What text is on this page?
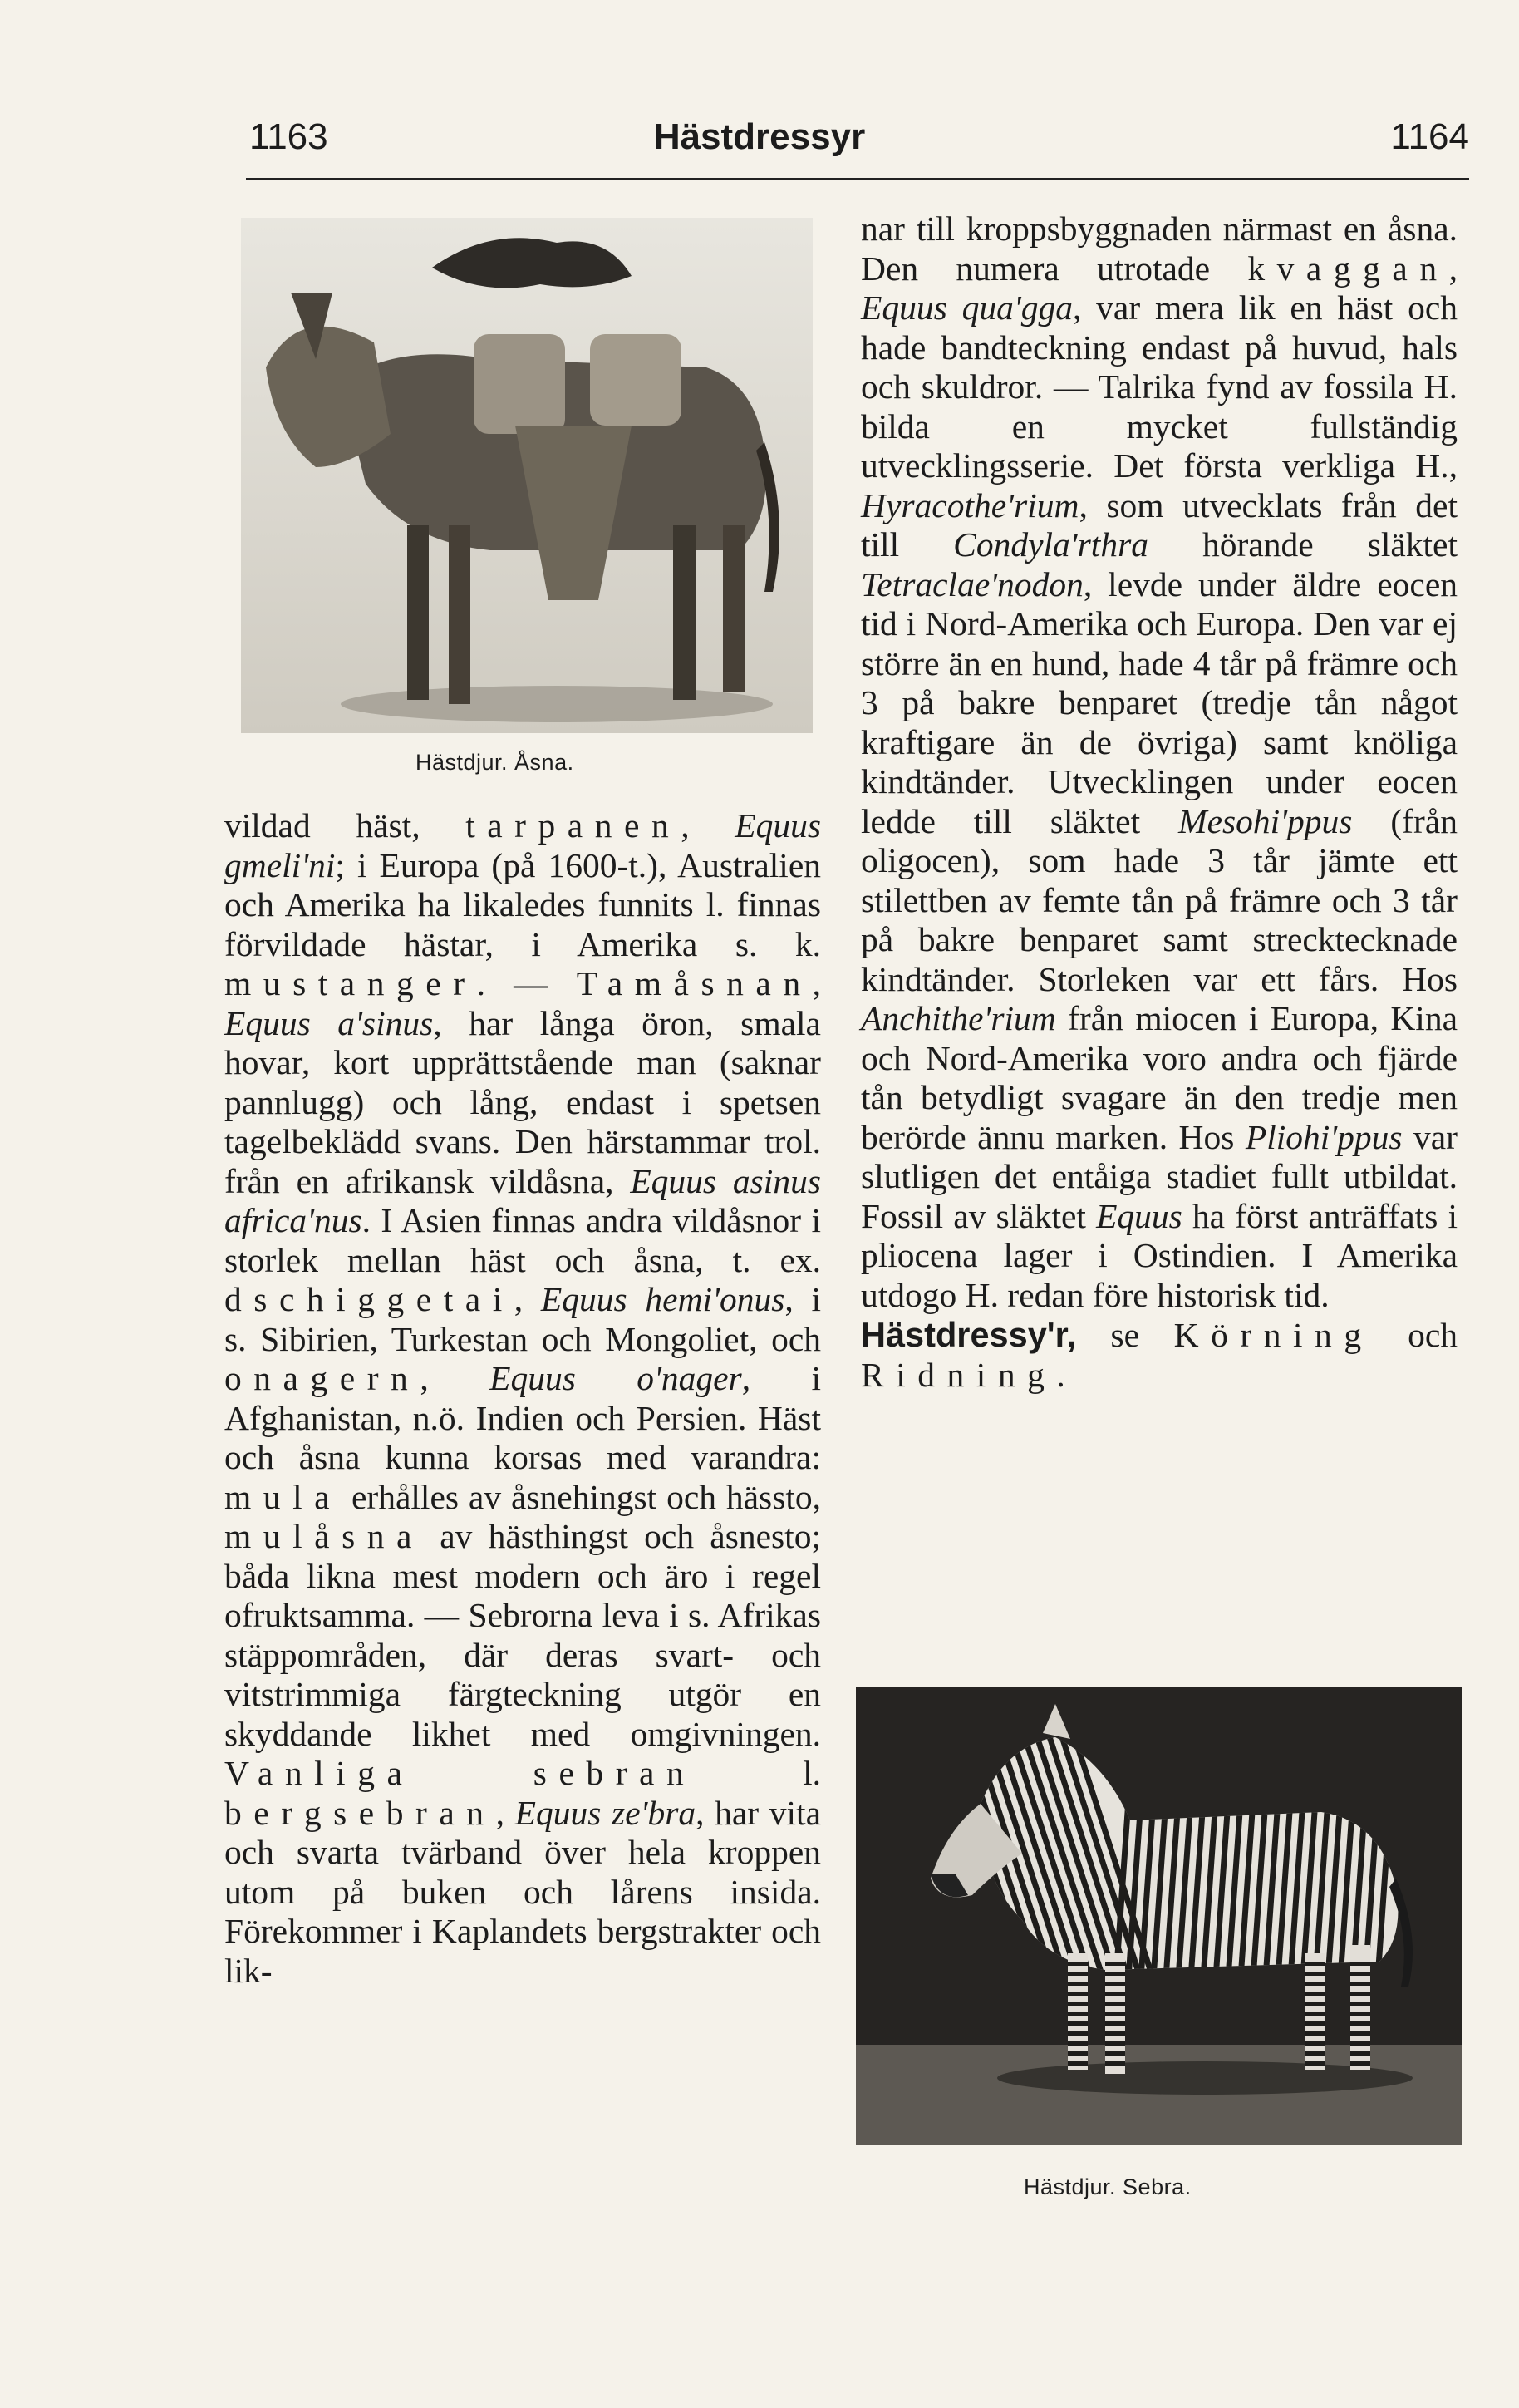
Hästdressyr
1163	1164
Hästdjur. Åsna.

vildad häst, tarpanen, Equus gmeli'ni; i Europa (på 1600-t.), Australien och Amerika ha likaledes funnits l. finnas förvildade hästar, i Amerika s. k. mustanger. — Tamåsnan, Equus a'sinus, har långa öron, smala hovar, kort upprättstående man (saknar pannlugg) och lång, endast i spetsen tagelbeklädd svans. Den härstammar trol. från en afrikansk vildåsna, Equus asinus africa'nus. I Asien finnas andra vildåsnor i storlek mellan häst och åsna, t. ex. dschiggetai, Equus hemi'onus, i s. Sibirien, Turkestan och Mongoliet, och onagern, Equus o'nager, i Afghanistan, n.ö. Indien och Persien. Häst och åsna kunna korsas med varandra: mula erhålles av åsnehingst och hässto, mulåsna av hästhingst och åsnesto; båda likna mest modern och äro i regel ofruktsamma. — Sebrorna leva i s. Afrikas stäppområden, där deras svart- och vitstrimmiga färgteckning utgör en skyddande likhet med omgivningen. Vanliga sebran l. bergsebran, Equus ze'bra, har vita och svarta tvärband över hela kroppen utom på buken och lårens insida. Förekommer i Kaplandets bergstrakter och lik-

nar till kroppsbyggnaden närmast en åsna. Den numera utrotade kvaggan, Equus qua'gga, var mera lik en häst och hade bandteckning endast på huvud, hals och skuldror. — Talrika fynd av fossila H. bilda en mycket fullständig utvecklingsserie. Det första verkliga H., Hyracothe'rium, som utvecklats från det till Condyla'rthra hörande släktet Tetraclae'nodon, levde under äldre eocen tid i Nord-Amerika och Europa. Den var ej större än en hund, hade 4 tår på främre och 3 på bakre benparet (tredje tån något kraftigare än de övriga) samt knöliga kindtänder. Utvecklingen under eocen ledde till släktet Mesohi'ppus (från oligocen), som hade 3 tår jämte ett stilettben av femte tån på främre och 3 tår på bakre benparet samt strecktecknade kindtänder. Storleken var ett fårs. Hos Anchithe'rium från miocen i Europa, Kina och Nord-Amerika voro andra och fjärde tån betydligt svagare än den tredje men berörde ännu marken. Hos Pliohi'ppus var slutligen det entåiga stadiet fullt utbildat. Fossil av släktet Equus ha först anträffats i pliocena lager i Ostindien. I Amerika utdogo H. redan före historisk tid.

Hästdressy'r, se Körning och Ridning.

Hästdjur. Sebra.
